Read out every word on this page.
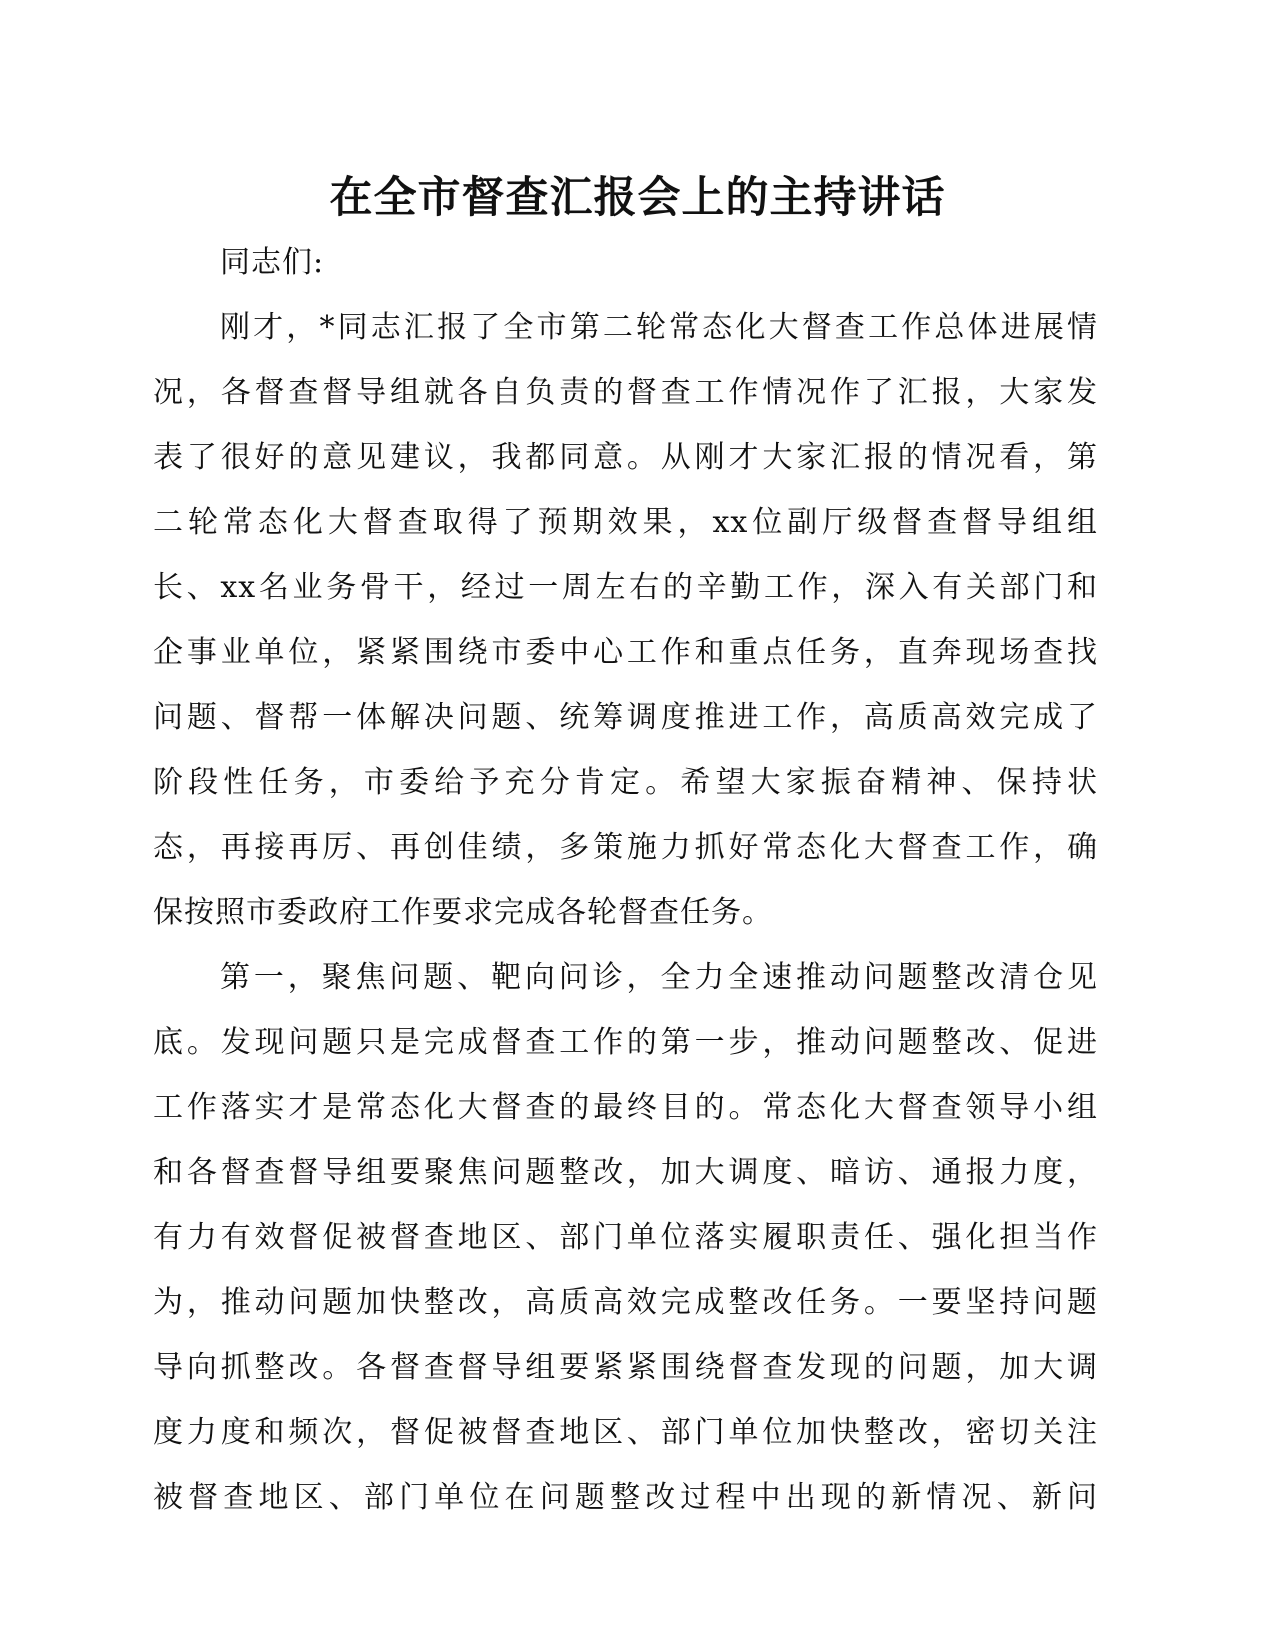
在全市督查汇报会上的主持讲话
同志们:
刚才，*同志汇报了全市第二轮常态化大督查工作总体进展情
况，各督查督导组就各自负责的督查工作情况作了汇报，大家发
表了很好的意见建议，我都同意。从刚才大家汇报的情况看，第
二轮常态化大督查取得了预期效果，xx位副厅级督查督导组组
长、xx名业务骨干，经过一周左右的辛勤工作，深入有关部门和
企事业单位，紧紧围绕市委中心工作和重点任务，直奔现场查找
问题、督帮一体解决问题、统筹调度推进工作，高质高效完成了
阶段性任务，市委给予充分肯定。希望大家振奋精神、保持状
态，再接再厉、再创佳绩，多策施力抓好常态化大督查工作，确
保按照市委政府工作要求完成各轮督查任务。
第一，聚焦问题、靶向问诊，全力全速推动问题整改清仓见
底。发现问题只是完成督查工作的第一步，推动问题整改、促进
工作落实才是常态化大督查的最终目的。常态化大督查领导小组
和各督查督导组要聚焦问题整改，加大调度、暗访、通报力度，
有力有效督促被督查地区、部门单位落实履职责任、强化担当作
为，推动问题加快整改，高质高效完成整改任务。一要坚持问题
导向抓整改。各督查督导组要紧紧围绕督查发现的问题，加大调
度力度和频次，督促被督查地区、部门单位加快整改，密切关注
被督查地区、部门单位在问题整改过程中出现的新情况、新问
